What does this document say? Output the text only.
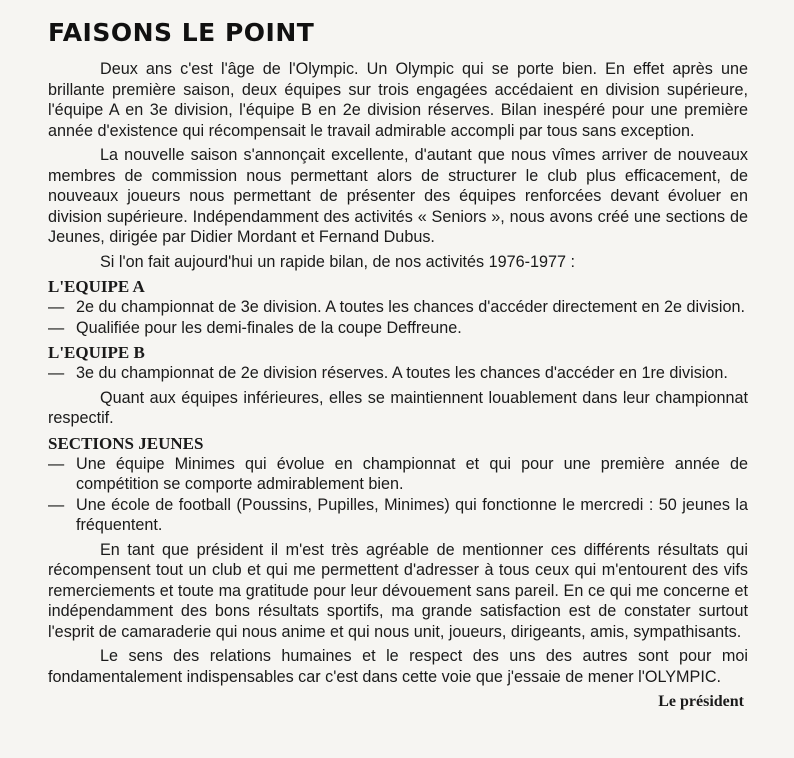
FAISONS LE POINT

Deux ans c'est l'âge de l'Olympic. Un Olympic qui se porte bien. En effet après une brillante première saison, deux équipes sur trois engagées accédaient en division supérieure, l'équipe A en 3e division, l'équipe B en 2e division réserves. Bilan inespéré pour une première année d'existence qui récompensait le travail admirable accompli par tous sans exception.

La nouvelle saison s'annonçait excellente, d'autant que nous vîmes arriver de nouveaux membres de commission nous permettant alors de structurer le club plus efficacement, de nouveaux joueurs nous permettant de présenter des équipes renforcées devant évoluer en division supérieure. Indépendamment des activités « Seniors », nous avons créé une sections de Jeunes, dirigée par Didier Mordant et Fernand Dubus.

Si l'on fait aujourd'hui un rapide bilan, de nos activités 1976-1977 :

L'EQUIPE A
— 2e du championnat de 3e division. A toutes les chances d'accéder directement en 2e division.
— Qualifiée pour les demi-finales de la coupe Deffreune.
L'EQUIPE B
— 3e du championnat de 2e division réserves. A toutes les chances d'accéder en 1re division.

Quant aux équipes inférieures, elles se maintiennent louablement dans leur championnat respectif.

SECTIONS JEUNES
— Une équipe Minimes qui évolue en championnat et qui pour une première année de compétition se comporte admirablement bien.
— Une école de football (Poussins, Pupilles, Minimes) qui fonctionne le mercredi : 50 jeunes la fréquentent.

En tant que président il m'est très agréable de mentionner ces différents résultats qui récompensent tout un club et qui me permettent d'adresser à tous ceux qui m'entourent des vifs remerciements et toute ma gratitude pour leur dévouement sans pareil. En ce qui me concerne et indépendamment des bons résultats sportifs, ma grande satisfaction est de constater surtout l'esprit de camaraderie qui nous anime et qui nous unit, joueurs, dirigeants, amis, sympathisants.

Le sens des relations humaines et le respect des uns des autres sont pour moi fondamentalement indispensables car c'est dans cette voie que j'essaie de mener l'OLYMPIC.

Le président
